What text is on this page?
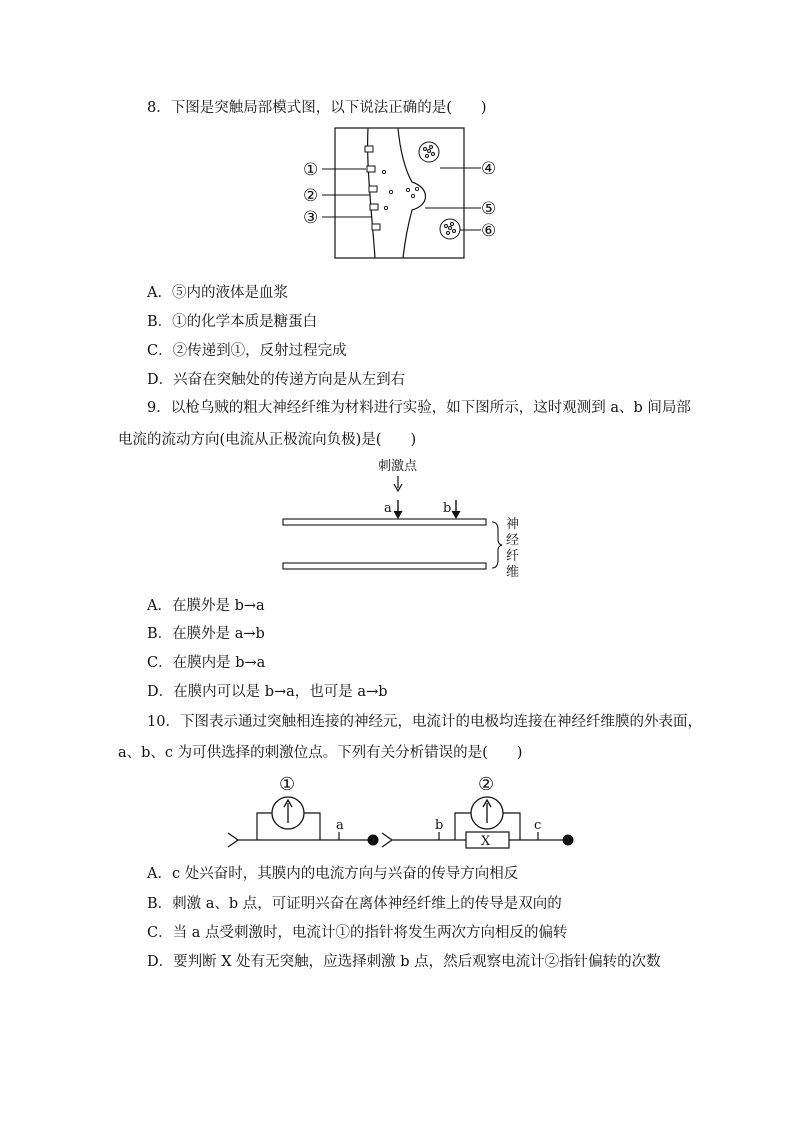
8．下图是突触局部模式图，以下说法正确的是(　　)
①
②
③
④
⑤
⑥
A．⑤内的液体是血浆
B．①的化学本质是糖蛋白
C．②传递到①，反射过程完成
D．兴奋在突触处的传递方向是从左到右
9．以枪乌贼的粗大神经纤维为材料进行实验，如下图所示，这时观测到 a、b 间局部
电流的流动方向(电流从正极流向负极)是(　　)
刺激点
a	b
神
经
纤
维
A．在膜外是 b→a
B．在膜外是 a→b
C．在膜内是 b→a
D．在膜内可以是 b→a，也可是 a→b
10．下图表示通过突触相连接的神经元，电流计的电极均连接在神经纤维膜的外表面，
a、b、c 为可供选择的刺激位点。下列有关分析错误的是(　　)
①
a	b
②
X
c
A．c 处兴奋时，其膜内的电流方向与兴奋的传导方向相反
B．刺激 a、b 点，可证明兴奋在离体神经纤维上的传导是双向的
C．当 a 点受刺激时，电流计①的指针将发生两次方向相反的偏转
D．要判断 X 处有无突触，应选择刺激 b 点，然后观察电流计②指针偏转的次数
